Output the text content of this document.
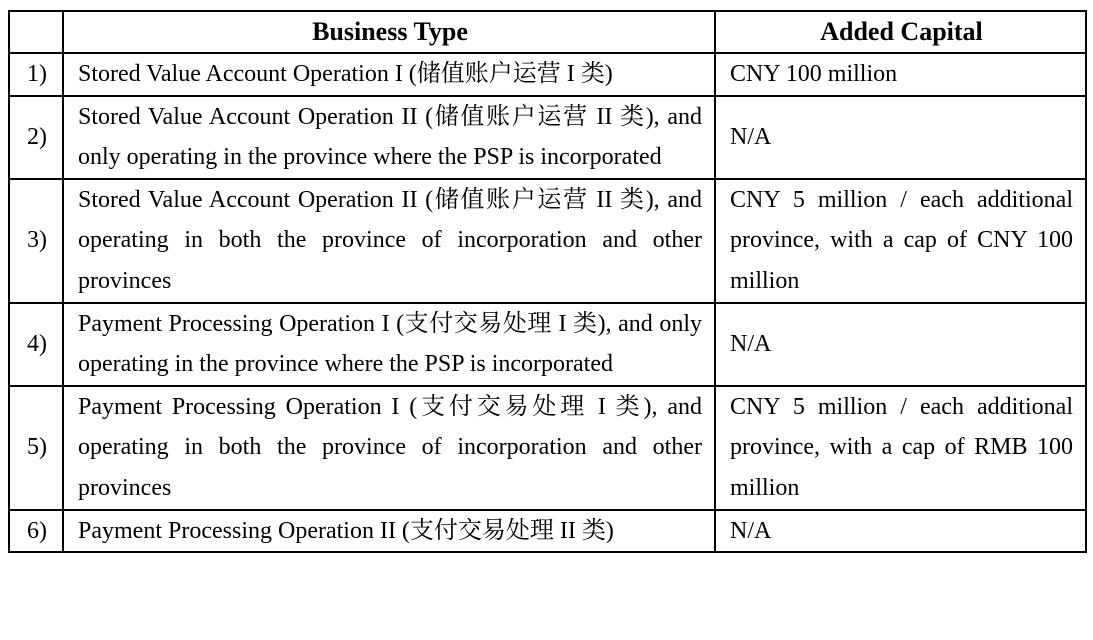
	Business Type	Added Capital
1)	Stored Value Account Operation I (储值账户运营 I 类)	CNY 100 million
2)	Stored Value Account Operation II (储值账户运营 II 类), and only operating in the province where the PSP is incorporated	N/A
3)	Stored Value Account Operation II (储值账户运营 II 类), and operating in both the province of incorporation and other provinces	CNY 5 million / each additional province, with a cap of CNY 100 million
4)	Payment Processing Operation I (支付交易处理 I 类), and only operating in the province where the PSP is incorporated	N/A
5)	Payment Processing Operation I (支付交易处理 I 类), and operating in both the province of incorporation and other provinces	CNY 5 million / each additional province, with a cap of RMB 100 million
6)	Payment Processing Operation II (支付交易处理 II 类)	N/A
